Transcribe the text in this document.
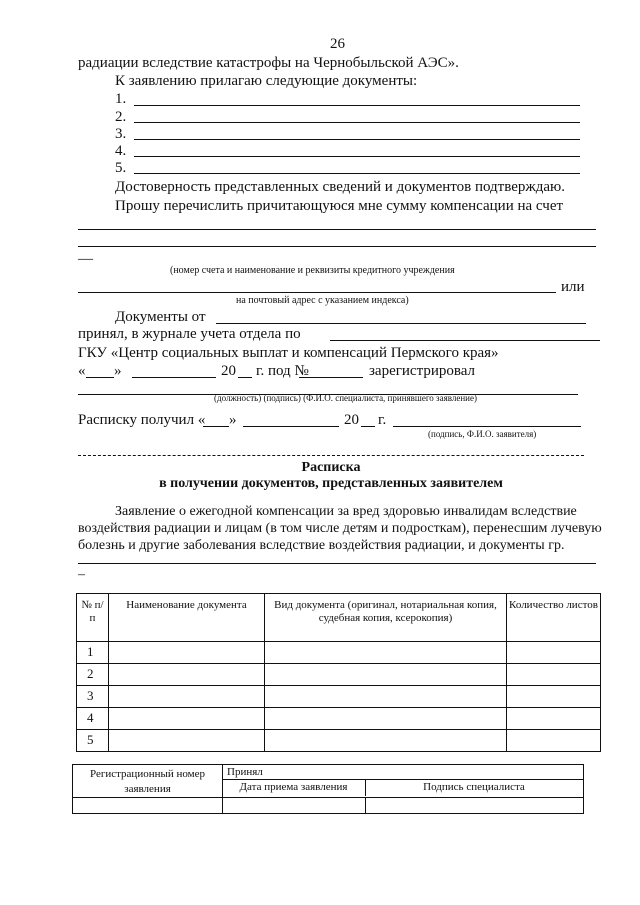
26
радиации вследствие катастрофы на Чернобыльской АЭС».
К заявлению прилагаю следующие документы:
1.
2.
3.
4.
5.
Достоверность представленных сведений и документов подтверждаю.
Прошу перечислить причитающуюся мне сумму компенсации на счет
—
(номер счета и наименование и реквизиты кредитного учреждения
или
на почтовый адрес с указанием индекса)
Документы от
принял, в журнале учета отдела по
ГКУ «Центр социальных выплат и компенсаций Пермского края»
« »	20 г. под №	зарегистрировал
(должность) (подпись) (Ф.И.О. специалиста, принявшего заявление)
Расписку получил « »	20 г.
(подпись, Ф.И.О. заявителя)
Расписка
в получении документов, представленных заявителем
Заявление о ежегодной компенсации за вред здоровью инвалидам вследствие
воздействия радиации и лицам (в том числе детям и подросткам), перенесшим лучевую
болезнь и другие заболевания вследствие воздействия радиации, и документы гр.
–
№ п/п	Наименование документа	Вид документа (оригинал, нотариальная копия, судебная копия, ксерокопия)	Количество листов
1			
2			
3			
4			
5			
Регистрационный номер заявления	Принял	

Дата приема заявления	Подпись специалиста
